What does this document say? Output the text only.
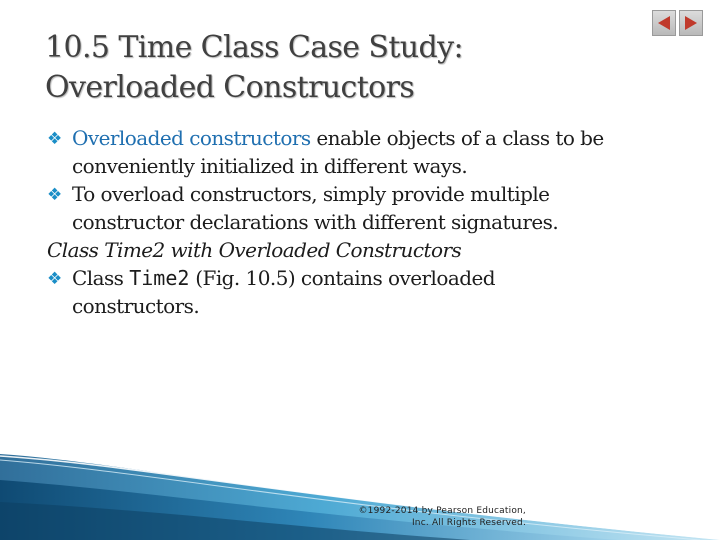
10.5 Time Class Case Study:
Overloaded Constructors
❖ Overloaded constructors enable objects of a class to be
conveniently initialized in different ways.
❖ To overload constructors, simply provide multiple
constructor declarations with different signatures.
Class Time2 with Overloaded Constructors
❖ Class Time2 (Fig. 10.5) contains overloaded
constructors.
©1992-2014 by Pearson Education,
Inc. All Rights Reserved.
